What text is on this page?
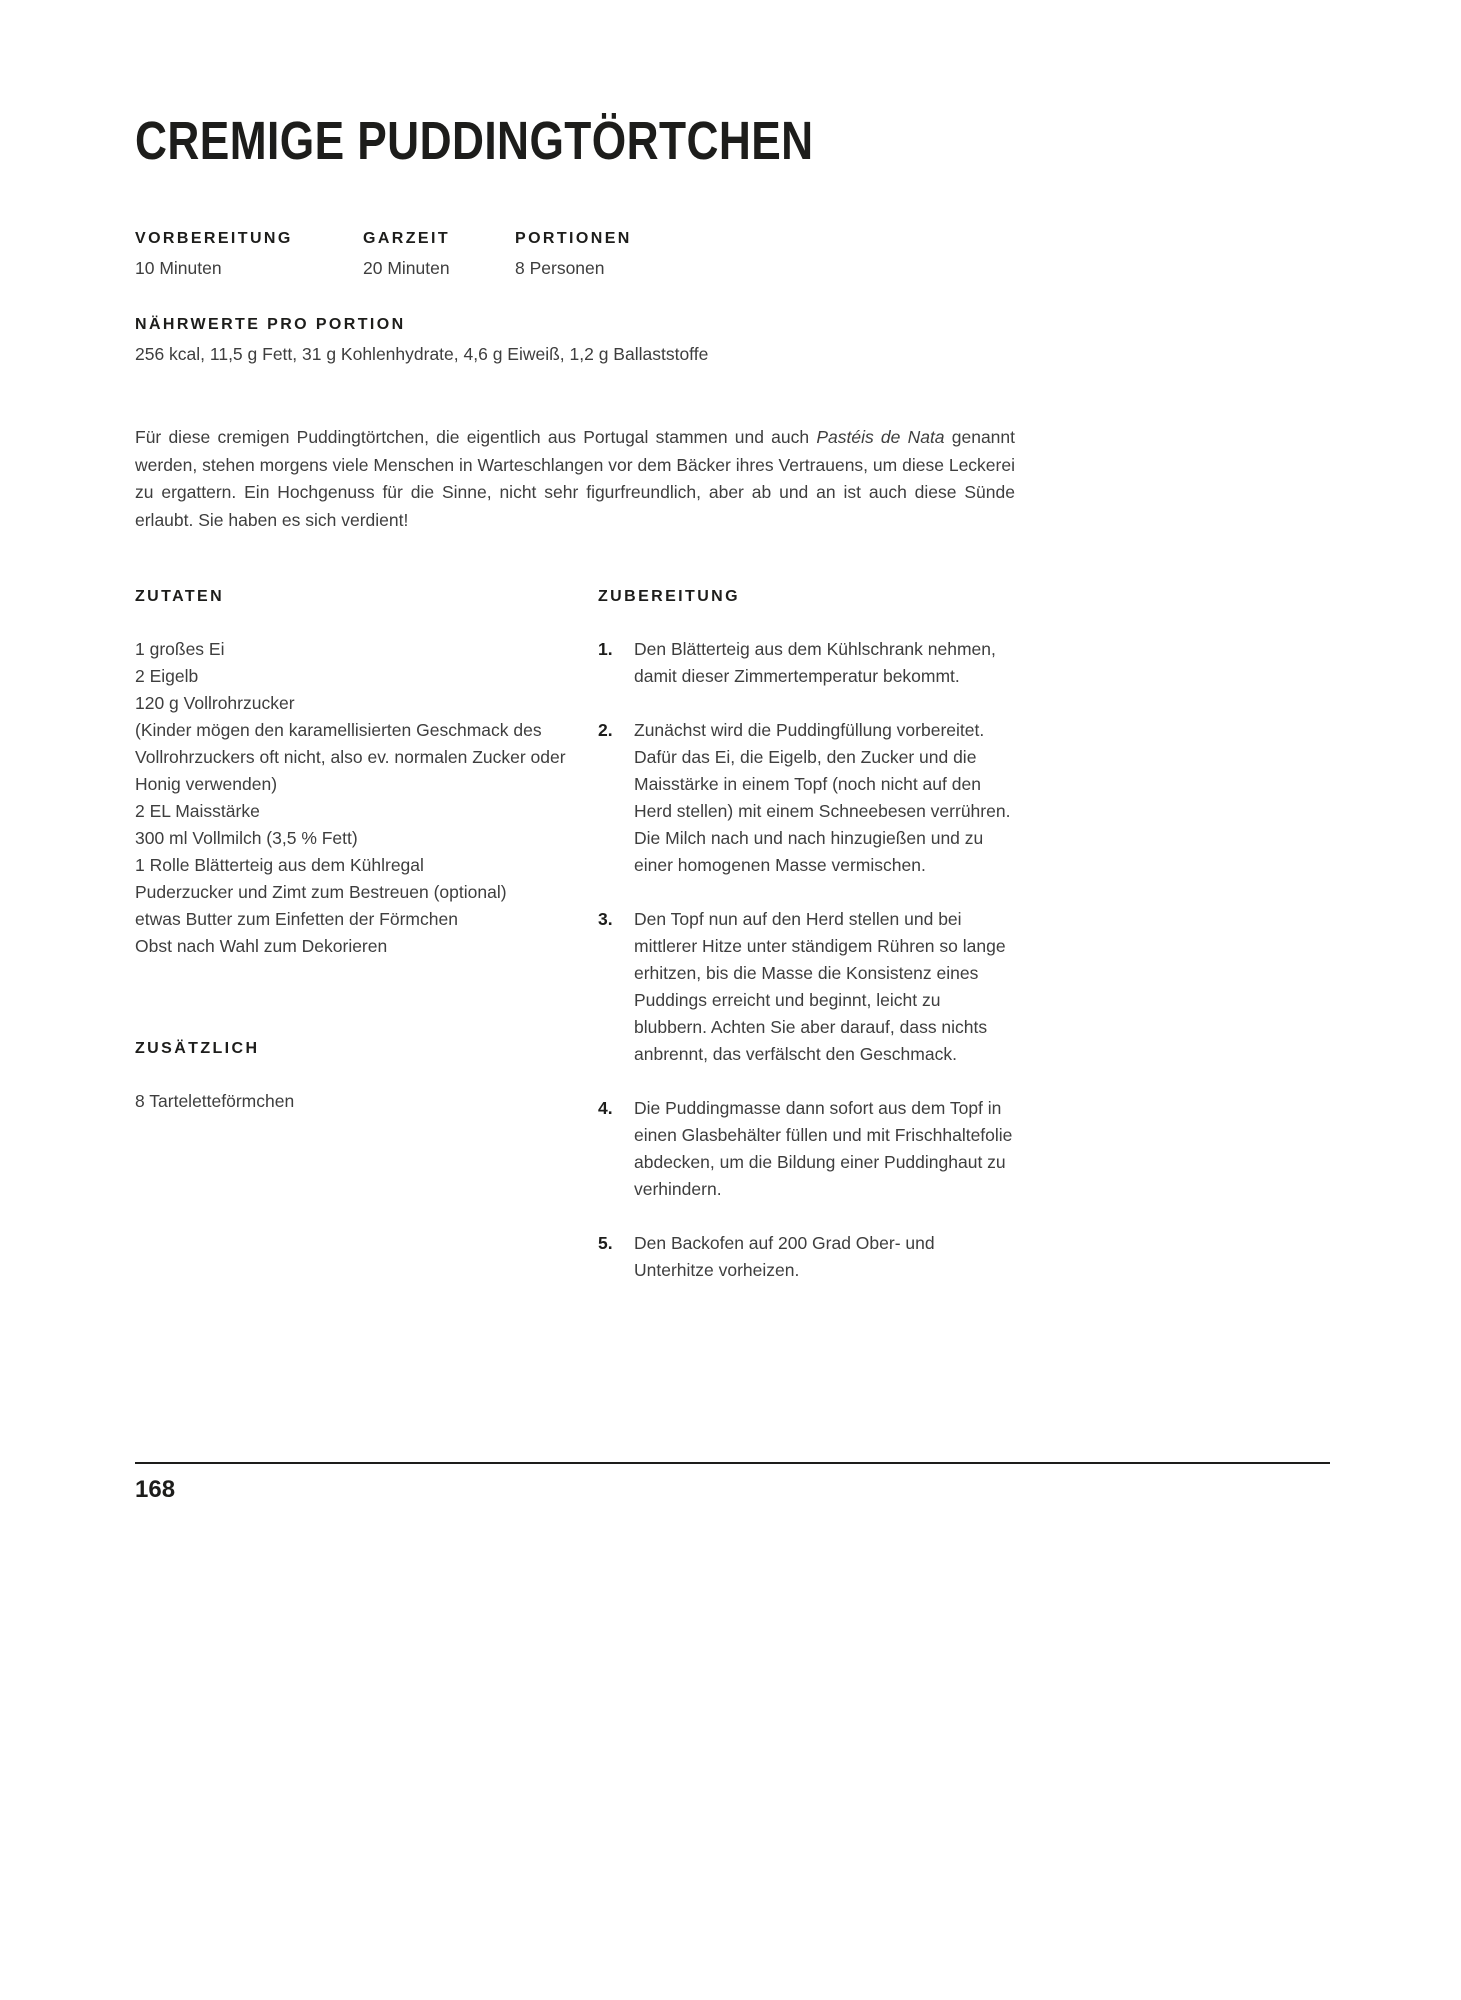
CREMIGE PUDDINGTÖRTCHEN
VORBEREITUNG
10 Minuten
GARZEIT
20 Minuten
PORTIONEN
8 Personen
NÄHRWERTE PRO PORTION
256 kcal, 11,5 g Fett, 31 g Kohlenhydrate, 4,6 g Eiweiß, 1,2 g Ballaststoffe

Für diese cremigen Puddingtörtchen, die eigentlich aus Portugal stammen und auch Pastéis de Nata genannt werden, stehen morgens viele Menschen in Warteschlangen vor dem Bäcker ihres Vertrauens, um diese Leckerei zu ergattern. Ein Hochgenuss für die Sinne, nicht sehr figurfreundlich, aber ab und an ist auch diese Sünde erlaubt. Sie haben es sich verdient!

ZUTATEN
1 großes Ei
2 Eigelb
120 g Vollrohrzucker
(Kinder mögen den karamellisierten Geschmack des Vollrohrzuckers oft nicht, also ev. normalen Zucker oder Honig verwenden)
2 EL Maisstärke
300 ml Vollmilch (3,5 % Fett)
1 Rolle Blätterteig aus dem Kühlregal
Puderzucker und Zimt zum Bestreuen (optional)
etwas Butter zum Einfetten der Förmchen
Obst nach Wahl zum Dekorieren
ZUSÄTZLICH
8 Tarteletteförmchen
ZUBEREITUNG
1.	Den Blätterteig aus dem Kühlschrank nehmen, damit dieser Zimmertemperatur bekommt.
2.	Zunächst wird die Puddingfüllung vorbereitet. Dafür das Ei, die Eigelb, den Zucker und die Maisstärke in einem Topf (noch nicht auf den Herd stellen) mit einem Schneebesen verrühren. Die Milch nach und nach hinzugießen und zu einer homogenen Masse vermischen.
3.	Den Topf nun auf den Herd stellen und bei mittlerer Hitze unter ständigem Rühren so lange erhitzen, bis die Masse die Konsistenz eines Puddings erreicht und beginnt, leicht zu blubbern. Achten Sie aber darauf, dass nichts anbrennt, das verfälscht den Geschmack.
4.	Die Puddingmasse dann sofort aus dem Topf in einen Glasbehälter füllen und mit Frischhaltefolie abdecken, um die Bildung einer Puddinghaut zu verhindern.
5.	Den Backofen auf 200 Grad Ober- und Unterhitze vorheizen.
168
